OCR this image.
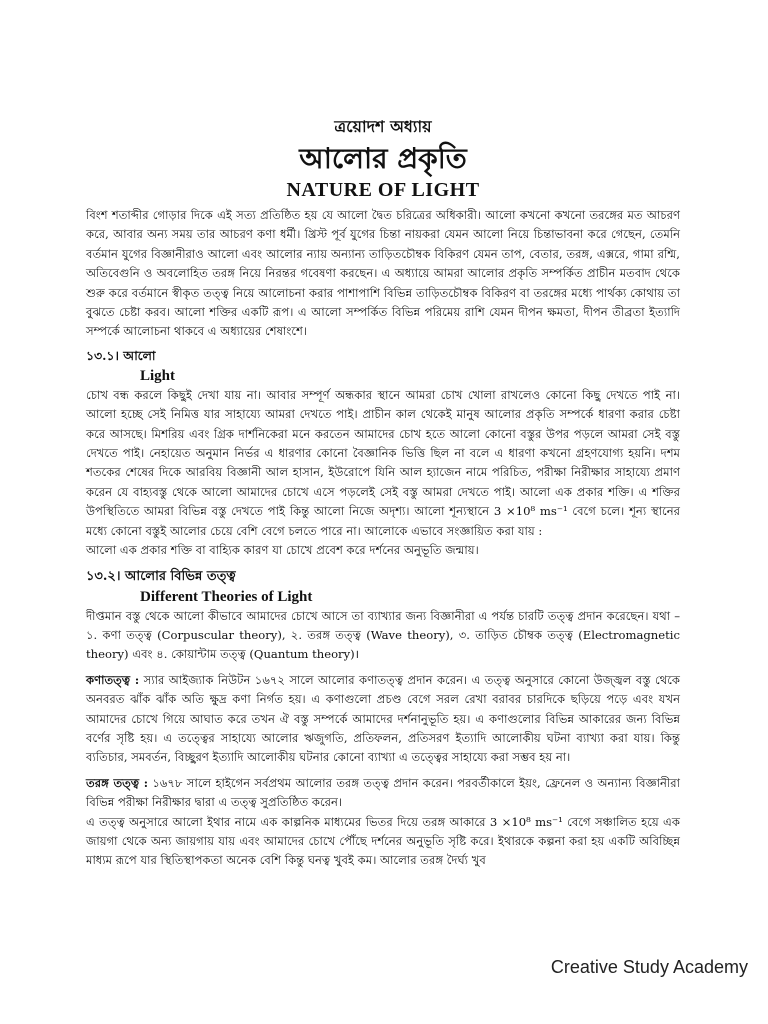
ত্রয়োদশ অধ্যায়
আলোর প্রকৃতি
NATURE OF LIGHT

বিংশ শতাব্দীর গোড়ার দিকে এই সত্য প্রতিষ্ঠিত হয় যে আলো দ্বৈত চরিত্রের অধিকারী। আলো কখনো কখনো তরঙ্গের মত আচরণ করে, আবার অন্য সময় তার আচরণ কণা ধর্মী। খ্রিস্ট পূর্ব যুগের চিন্তা নায়করা যেমন আলো নিয়ে চিন্তাভাবনা করে গেছেন, তেমনি বর্তমান যুগের বিজ্ঞানীরাও আলো এবং আলোর ন্যায় অন্যান্য তাড়িতচৌম্বক বিকিরণ যেমন তাপ, বেতার, তরঙ্গ, এক্সরে, গামা রশ্মি, অতিবেগুনি ও অবলোহিত তরঙ্গ নিয়ে নিরন্তর গবেষণা করছেন। এ অধ্যায়ে আমরা আলোর প্রকৃতি সম্পর্কিত প্রাচীন মতবাদ থেকে শুরু করে বর্তমানে স্বীকৃত তত্ত্ব নিয়ে আলোচনা করার পাশাপাশি বিভিন্ন তাড়িতচৌম্বক বিকিরণ বা তরঙ্গের মধ্যে পার্থক্য কোথায় তা বুঝতে চেষ্টা করব। আলো শক্তির একটি রূপ। এ আলো সম্পর্কিত বিভিন্ন পরিমেয় রাশি যেমন দীপন ক্ষমতা, দীপন তীব্রতা ইত্যাদি সম্পর্কে আলোচনা থাকবে এ অধ্যায়ের শেষাংশে।

১৩.১। আলো
Light

চোখ বন্ধ করলে কিছুই দেখা যায় না। আবার সম্পূর্ণ অন্ধকার স্থানে আমরা চোখ খোলা রাখলেও কোনো কিছু দেখতে পাই না। আলো হচ্ছে সেই নিমিত্ত যার সাহায্যে আমরা দেখতে পাই। প্রাচীন কাল থেকেই মানুষ আলোর প্রকৃতি সম্পর্কে ধারণা করার চেষ্টা করে আসছে। মিশরিয় এবং গ্রিক দার্শনিকেরা মনে করতেন আমাদের চোখ হতে আলো কোনো বস্তুর উপর পড়লে আমরা সেই বস্তু দেখতে পাই। নেহায়েত অনুমান নির্ভর এ ধারণার কোনো বৈজ্ঞানিক ভিত্তি ছিল না বলে এ ধারণা কখনো গ্রহণযোগ্য হয়নি। দশম শতকের শেষের দিকে আরবিয় বিজ্ঞানী আল হাসান, ইউরোপে যিনি আল হ্যাজেন নামে পরিচিত, পরীক্ষা নিরীক্ষার সাহায্যে প্রমাণ করেন যে বাহ্যবস্তু থেকে আলো আমাদের চোখে এসে পড়লেই সেই বস্তু আমরা দেখতে পাই। আলো এক প্রকার শক্তি। এ শক্তির উপস্থিতিতে আমরা বিভিন্ন বস্তু দেখতে পাই কিন্তু আলো নিজে অদৃশ্য। আলো শূন্যস্থানে 3 ×10⁸ ms⁻¹ বেগে চলে। শূন্য স্থানের মধ্যে কোনো বস্তুই আলোর চেয়ে বেশি বেগে চলতে পারে না। আলোকে এভাবে সংজ্ঞায়িত করা যায় :

আলো এক প্রকার শক্তি বা বাহ্যিক কারণ যা চোখে প্রবেশ করে দর্শনের অনুভূতি জন্মায়।

১৩.২। আলোর বিভিন্ন তত্ত্ব
Different Theories of Light

দীপ্তমান বস্তু থেকে আলো কীভাবে আমাদের চোখে আসে তা ব্যাখ্যার জন্য বিজ্ঞানীরা এ পর্যন্ত চারটি তত্ত্ব প্রদান করেছেন। যথা – ১. কণা তত্ত্ব (Corpuscular theory), ২. তরঙ্গ তত্ত্ব (Wave theory), ৩. তাড়িত চৌম্বক তত্ত্ব (Electromagnetic theory) এবং ৪. কোয়ান্টাম তত্ত্ব (Quantum theory)।

কণাতত্ত্ব : স্যার আইজ্যাক নিউটন ১৬৭২ সালে আলোর কণাতত্ত্ব প্রদান করেন। এ তত্ত্ব অনুসারে কোনো উজ্জ্বল বস্তু থেকে অনবরত ঝাঁক ঝাঁক অতি ক্ষুদ্র কণা নির্গত হয়। এ কণাগুলো প্রচণ্ড বেগে সরল রেখা বরাবর চারদিকে ছড়িয়ে পড়ে এবং যখন আমাদের চোখে গিয়ে আঘাত করে তখন ঐ বস্তু সম্পর্কে আমাদের দর্শনানুভূতি হয়। এ কণাগুলোর বিভিন্ন আকারের জন্য বিভিন্ন বর্ণের সৃষ্টি হয়। এ তত্ত্বের সাহায্যে আলোর ঋজুগতি, প্রতিফলন, প্রতিসরণ ইত্যাদি আলোকীয় ঘটনা ব্যাখ্যা করা যায়। কিন্তু ব্যতিচার, সমবর্তন, বিচ্ছুরণ ইত্যাদি আলোকীয় ঘটনার কোনো ব্যাখ্যা এ তত্ত্বের সাহায্যে করা সম্ভব হয় না।

তরঙ্গ তত্ত্ব : ১৬৭৮ সালে হাইগেন সর্বপ্রথম আলোর তরঙ্গ তত্ত্ব প্রদান করেন। পরবর্তীকালে ইয়ং, ফ্রেনেল ও অন্যান্য বিজ্ঞানীরা বিভিন্ন পরীক্ষা নিরীক্ষার দ্বারা এ তত্ত্ব সুপ্রতিষ্ঠিত করেন।

এ তত্ত্ব অনুসারে আলো ইথার নামে এক কাল্পনিক মাধ্যমের ভিতর দিয়ে তরঙ্গ আকারে 3 ×10⁸ ms⁻¹ বেগে সঞ্চালিত হয়ে এক জায়গা থেকে অন্য জায়গায় যায় এবং আমাদের চোখে পৌঁছে দর্শনের অনুভূতি সৃষ্টি করে। ইথারকে কল্পনা করা হয় একটি অবিচ্ছিন্ন মাধ্যম রূপে যার স্থিতিস্থাপকতা অনেক বেশি কিন্তু ঘনত্ব খুবই কম। আলোর তরঙ্গ দৈর্ঘ্য খুব

Creative Study Academy
